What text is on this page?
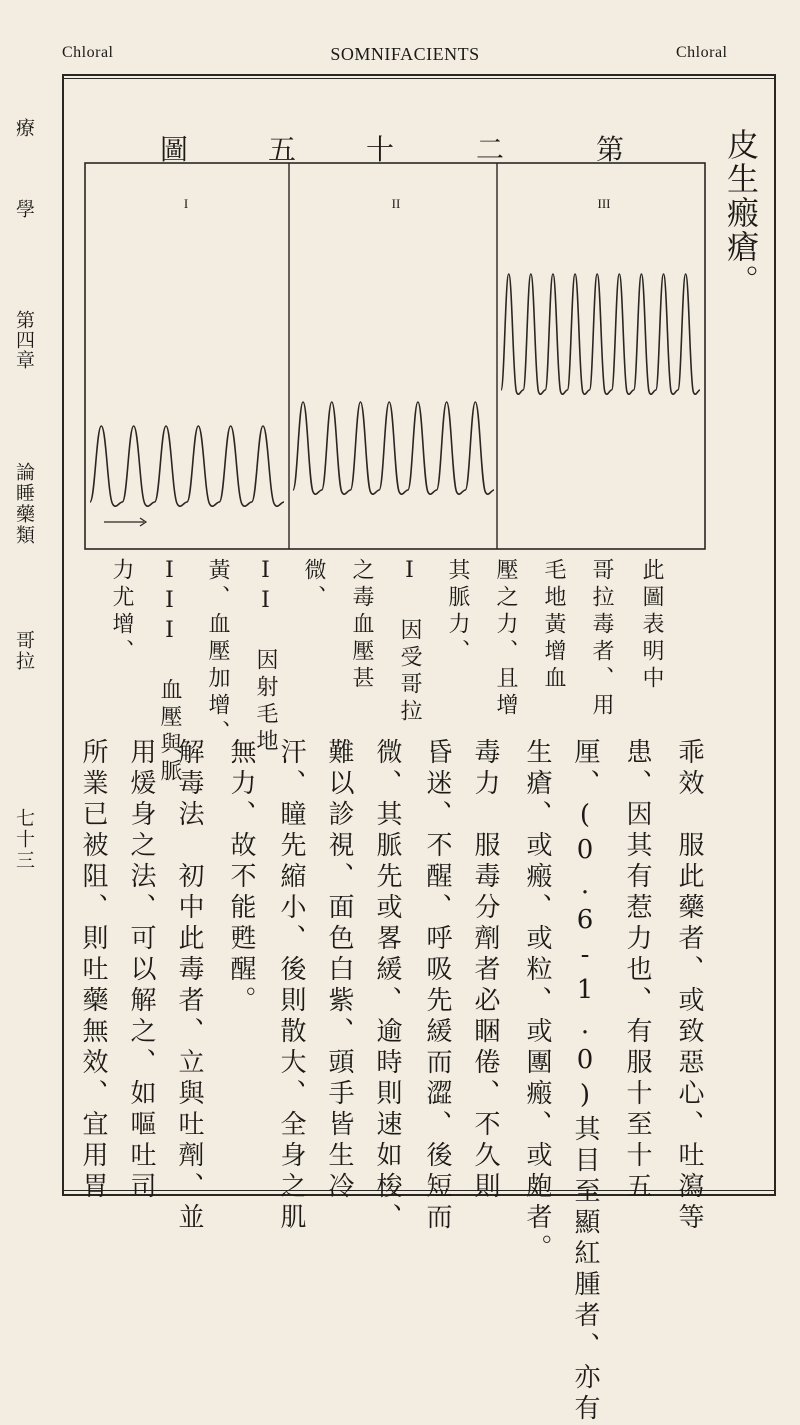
Chloral	SOMNIFACIENTS	Chloral
療學
第四章
論睡藥類
哥拉
七十三
皮生瘢瘡。
第
二
十
五
圖
I	II	III
此圖表明中
哥拉毒者、用
毛地黃增血
壓之力、且增
其脈力、
I 因受哥拉
之毒血壓甚
微、
II 因射毛地
黃、血壓加增、
III 血壓與脈
力尤增、
乖效　服此藥者、或致惡心、吐瀉等
患、因其有惹力也、有服十至十五
厘、(0.6-1.0)其目至顯紅腫者、亦有
生瘡、或瘢、或粒、或團瘢、或皰者。
毒力　服毒分劑者必睏倦、不久則
昏迷、不醒、呼吸先緩而澀、後短而
微、其脈先或畧緩、逾時則速如梭、
難以診視、面色白紫、頭手皆生冷
汗、瞳先縮小、後則散大、全身之肌
無力、故不能甦醒。
解毒法　初中此毒者、立與吐劑、並
用煖身之法、可以解之、如嘔吐司
所業已被阻、則吐藥無效、宜用胃
